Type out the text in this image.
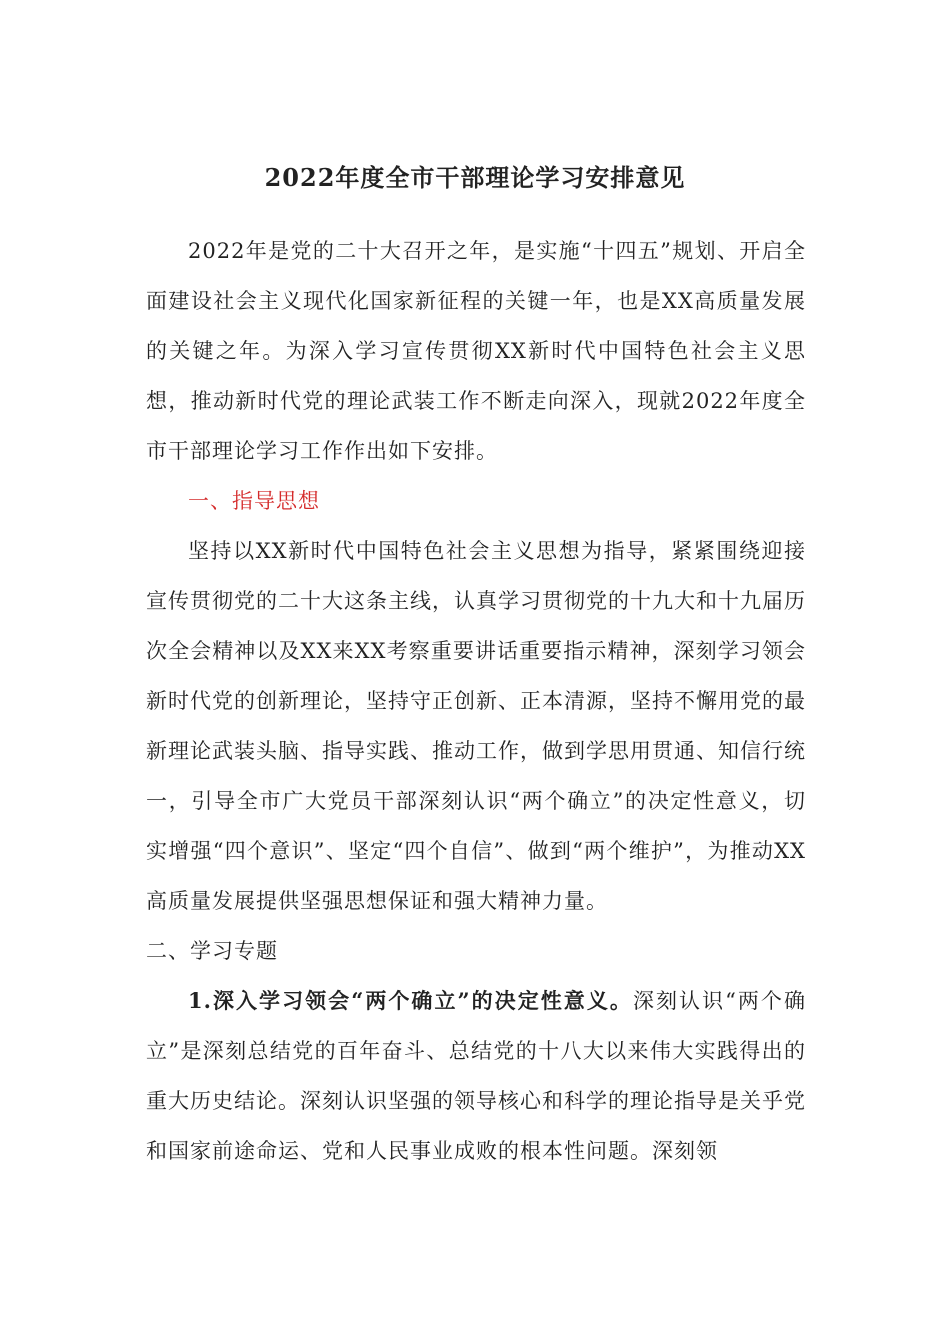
2022年度全市干部理论学习安排意见

2022年是党的二十大召开之年，是实施“十四五”规划、开启全面建设社会主义现代化国家新征程的关键一年，也是XX高质量发展的关键之年。为深入学习宣传贯彻XX新时代中国特色社会主义思想，推动新时代党的理论武装工作不断走向深入，现就2022年度全市干部理论学习工作作出如下安排。

一、指导思想

坚持以XX新时代中国特色社会主义思想为指导，紧紧围绕迎接宣传贯彻党的二十大这条主线，认真学习贯彻党的十九大和十九届历次全会精神以及XX来XX考察重要讲话重要指示精神，深刻学习领会新时代党的创新理论，坚持守正创新、正本清源，坚持不懈用党的最新理论武装头脑、指导实践、推动工作，做到学思用贯通、知信行统一，引导全市广大党员干部深刻认识“两个确立”的决定性意义，切实增强“四个意识”、坚定“四个自信”、做到“两个维护”，为推动XX高质量发展提供坚强思想保证和强大精神力量。

二、学习专题

1.深入学习领会“两个确立”的决定性意义。深刻认识“两个确立”是深刻总结党的百年奋斗、总结党的十八大以来伟大实践得出的重大历史结论。深刻认识坚强的领导核心和科学的理论指导是关乎党和国家前途命运、党和人民事业成败的根本性问题。深刻领
